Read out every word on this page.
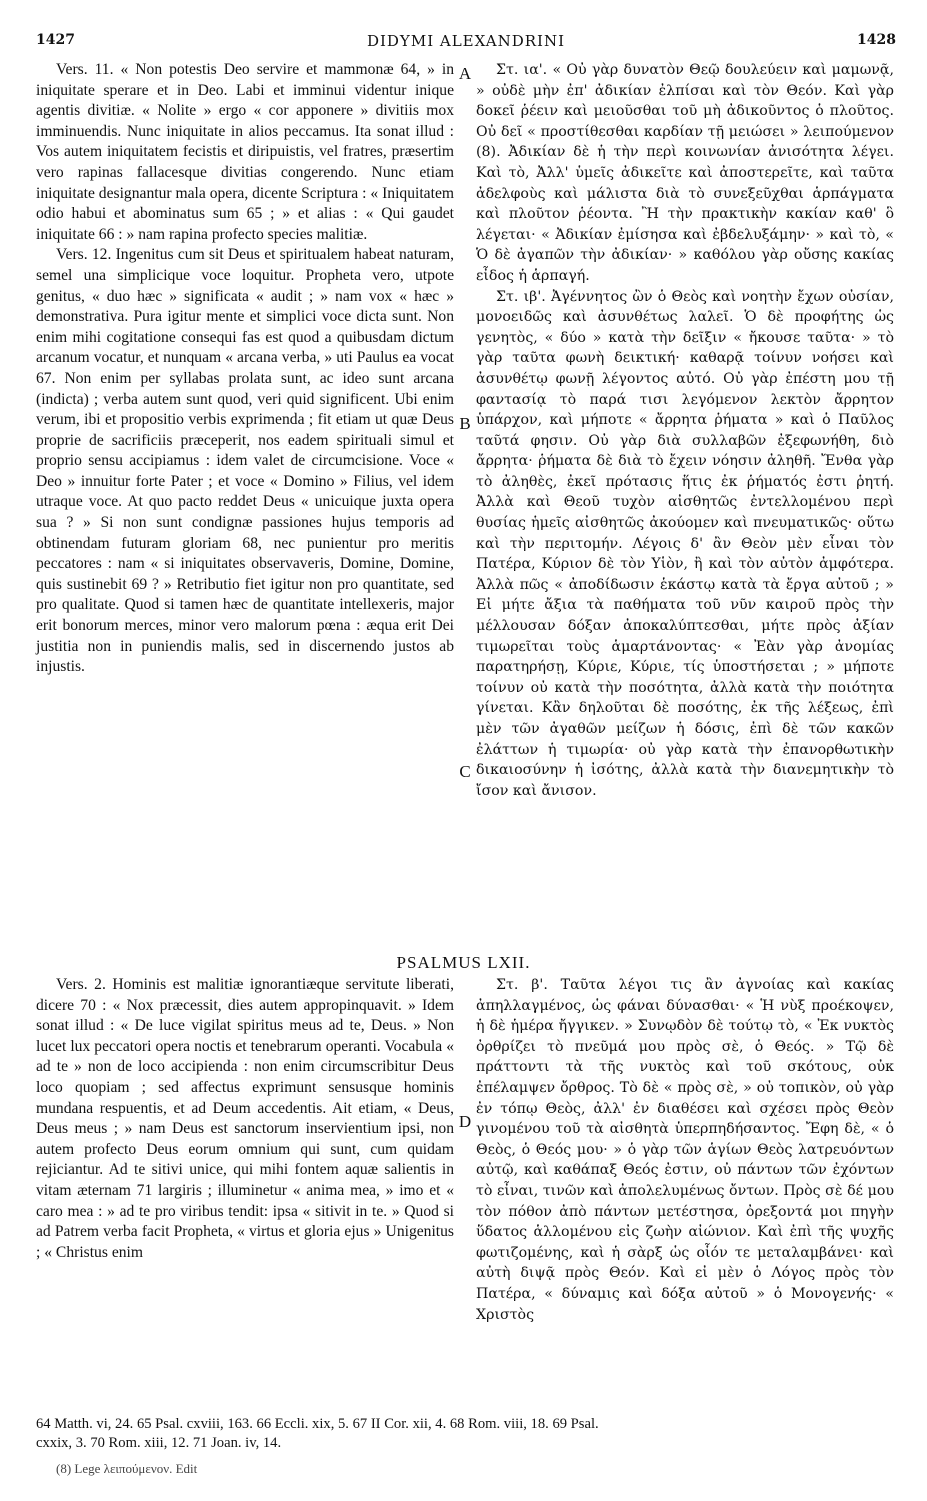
1427	DIDYMI ALEXANDRINI	1428

Vers. 11. « Non potestis Deo servire et mammonæ 64, » in iniquitate sperare et in Deo. Labi et imminui videntur inique agentis divitiæ. « Nolite » ergo « cor apponere » divitiis mox imminuendis. Nunc iniquitate in alios peccamus. Ita sonat illud : Vos autem iniquitatem fecistis et diripuistis, vel fratres, præsertim vero rapinas fallacesque divitias congerendo. Nunc etiam iniquitate designantur mala opera, dicente Scriptura : « Iniquitatem odio habui et abominatus sum 65 ; » et alias : « Qui gaudet iniquitate 66 : » nam rapina profecto species malitiæ.

Vers. 12. Ingenitus cum sit Deus et spiritualem habeat naturam, semel una simplicique voce loquitur. Propheta vero, utpote genitus, « duo hæc » significata « audit ; » nam vox « hæc » demonstrativa. Pura igitur mente et simplici voce dicta sunt. Non enim mihi cogitatione consequi fas est quod a quibusdam dictum arcanum vocatur, et nunquam « arcana verba, » uti Paulus ea vocat 67. Non enim per syllabas prolata sunt, ac ideo sunt arcana (indicta) ; verba autem sunt quod, veri quid significent. Ubi enim verum, ibi et propositio verbis exprimenda ; fit etiam ut quæ Deus proprie de sacrificiis præceperit, nos eadem spirituali simul et proprio sensu accipiamus : idem valet de circumcisione. Voce « Deo » innuitur forte Pater ; et voce « Domino » Filius, vel idem utraque voce. At quo pacto reddet Deus « unicuique juxta opera sua ? » Si non sunt condignæ passiones hujus temporis ad obtinendam futuram gloriam 68, nec punientur pro meritis peccatores : nam « si iniquitates observaveris, Domine, Domine, quis sustinebit 69 ? » Retributio fiet igitur non pro quantitate, sed pro qualitate. Quod si tamen hæc de quantitate intellexeris, major erit bonorum merces, minor vero malorum pœna : æqua erit Dei justitia non in puniendis malis, sed in discernendo justos ab injustis.

Στ. ια'. « Οὐ γὰρ δυνατὸν Θεῷ δουλεύειν καὶ μαμωνᾷ, » οὐδὲ μὴν ἐπ' ἀδικίαν ἐλπίσαι καὶ τὸν Θεόν. Καὶ γὰρ δοκεῖ ῥέειν καὶ μειοῦσθαι τοῦ μὴ ἀδικοῦντος ὁ πλοῦτος. Οὐ δεῖ « προστίθεσθαι καρδίαν τῇ μειώσει » λειπούμενον (8). Ἀδικίαν δὲ ἡ τὴν περὶ κοινωνίαν ἀνισότητα λέγει. Καὶ τὸ, Ἀλλ' ὑμεῖς ἀδικεῖτε καὶ ἀποστερεῖτε, καὶ ταῦτα ἀδελφοὺς καὶ μάλιστα διὰ τὸ συνεξεῦχθαι ἁρπάγματα καὶ πλοῦτον ῥέοντα. Ἢ τὴν πρακτικὴν κακίαν καθ' ὃ λέγεται· « Ἀδικίαν ἐμίσησα καὶ ἐβδελυξάμην· » καὶ τὸ, « Ὁ δὲ ἀγαπῶν τὴν ἀδικίαν· » καθόλου γὰρ οὔσης κακίας εἶδος ἡ ἁρπαγή.

Στ. ιβ'. Ἀγέννητος ὢν ὁ Θεὸς καὶ νοητὴν ἔχων οὐσίαν, μονοειδῶς καὶ ἀσυνθέτως λαλεῖ. Ὁ δὲ προφήτης ὡς γενητὸς, « δύο » κατὰ τὴν δεῖξιν « ἤκουσε ταῦτα· » τὸ γὰρ ταῦτα φωνὴ δεικτική· καθαρᾷ τοίνυν νοήσει καὶ ἀσυνθέτῳ φωνῇ λέγοντος αὐτό. Οὐ γὰρ ἐπέστη μου τῇ φαντασίᾳ τὸ παρά τισι λεγόμενον λεκτὸν ἄρρητον ὑπάρχον, καὶ μήποτε « ἄρρητα ῥήματα » καὶ ὁ Παῦλος ταῦτά φησιν. Οὐ γὰρ διὰ συλλαβῶν ἐξεφωνήθη, διὸ ἄρρητα· ῥήματα δὲ διὰ τὸ ἔχειν νόησιν ἀληθῆ. Ἔνθα γὰρ τὸ ἀληθὲς, ἐκεῖ πρότασις ἥτις ἐκ ῥήματός ἐστι ῥητή. Ἀλλὰ καὶ Θεοῦ τυχὸν αἰσθητῶς ἐντελλομένου περὶ θυσίας ἡμεῖς αἰσθητῶς ἀκούομεν καὶ πνευματικῶς· οὕτω καὶ τὴν περιτομήν. Λέγοις δ' ἂν Θεὸν μὲν εἶναι τὸν Πατέρα, Κύριον δὲ τὸν Υἱὸν, ἢ καὶ τὸν αὐτὸν ἀμφότερα. Ἀλλὰ πῶς « ἀποδίδωσιν ἑκάστῳ κατὰ τὰ ἔργα αὐτοῦ ; » Εἰ μήτε ἄξια τὰ παθήματα τοῦ νῦν καιροῦ πρὸς τὴν μέλλουσαν δόξαν ἀποκαλύπτεσθαι, μήτε πρὸς ἀξίαν τιμωρεῖται τοὺς ἁμαρτάνοντας· « Ἐὰν γὰρ ἀνομίας παρατηρήσῃ, Κύριε, Κύριε, τίς ὑποστήσεται ; » μήποτε τοίνυν οὐ κατὰ τὴν ποσότητα, ἀλλὰ κατὰ τὴν ποιότητα γίνεται. Κἂν δηλοῦται δὲ ποσότης, ἐκ τῆς λέξεως, ἐπὶ μὲν τῶν ἀγαθῶν μείζων ἡ δόσις, ἐπὶ δὲ τῶν κακῶν ἐλάττων ἡ τιμωρία· οὐ γὰρ κατὰ τὴν ἐπανορθωτικὴν δικαιοσύνην ἡ ἰσότης, ἀλλὰ κατὰ τὴν διανεμητικὴν τὸ ἴσον καὶ ἄνισον.

A
B
C
D
PSALMUS LXII.

Vers. 2. Hominis est malitiæ ignorantiæque servitute liberati, dicere 70 : « Nox præcessit, dies autem appropinquavit. » Idem sonat illud : « De luce vigilat spiritus meus ad te, Deus. » Non lucet lux peccatori opera noctis et tenebrarum operanti. Vocabula « ad te » non de loco accipienda : non enim circumscribitur Deus loco quopiam ; sed affectus exprimunt sensusque hominis mundana respuentis, et ad Deum accedentis. Ait etiam, « Deus, Deus meus ; » nam Deus est sanctorum inservientium ipsi, non autem profecto Deus eorum omnium qui sunt, cum quidam rejiciantur. Ad te sitivi unice, qui mihi fontem aquæ salientis in vitam æternam 71 largiris ; illuminetur « anima mea, » imo et « caro mea : » ad te pro viribus tendit: ipsa « sitivit in te. » Quod si ad Patrem verba facit Propheta, « virtus et gloria ejus » Unigenitus ; « Christus enim

Στ. β'. Ταῦτα λέγοι τις ἂν ἀγνοίας καὶ κακίας ἀπηλλαγμένος, ὡς φάναι δύνασθαι· « Ἡ νὺξ προέκοψεν, ἡ δὲ ἡμέρα ἤγγικεν. » Συνῳδὸν δὲ τούτῳ τὸ, « Ἐκ νυκτὸς ὀρθρίζει τὸ πνεῦμά μου πρὸς σὲ, ὁ Θεός. » Τῷ δὲ πράττοντι τὰ τῆς νυκτὸς καὶ τοῦ σκότους, οὐκ ἐπέλαμψεν ὄρθρος. Τὸ δὲ « πρὸς σὲ, » οὐ τοπικὸν, οὐ γὰρ ἐν τόπῳ Θεὸς, ἀλλ' ἐν διαθέσει καὶ σχέσει πρὸς Θεὸν γινομένου τοῦ τὰ αἰσθητὰ ὑπερπηδήσαντος. Ἔφη δὲ, « ὁ Θεὸς, ὁ Θεός μου· » ὁ γὰρ τῶν ἁγίων Θεὸς λατρευόντων αὐτῷ, καὶ καθάπαξ Θεός ἐστιν, οὐ πάντων τῶν ἐχόντων τὸ εἶναι, τινῶν καὶ ἀπολελυμένως ὄντων. Πρὸς σὲ δέ μου τὸν πόθον ἀπὸ πάντων μετέστησα, ὀρεξοντά μοι πηγὴν ὕδατος ἁλλομένου εἰς ζωὴν αἰώνιον. Καὶ ἐπὶ τῆς ψυχῆς φωτιζομένης, καὶ ἡ σὰρξ ὡς οἷόν τε μεταλαμβάνει· καὶ αὐτὴ διψᾷ πρὸς Θεόν. Καὶ εἰ μὲν ὁ Λόγος πρὸς τὸν Πατέρα, « δύναμις καὶ δόξα αὐτοῦ » ὁ Μονογενής· « Χριστὸς

64 Matth. vi, 24. 65 Psal. cxviii, 163. 66 Eccli. xix, 5. 67 II Cor. xii, 4. 68 Rom. viii, 18. 69 Psal.

cxxix, 3. 70 Rom. xiii, 12. 71 Joan. iv, 14.

(8) Lege λειπούμενον. Edit
